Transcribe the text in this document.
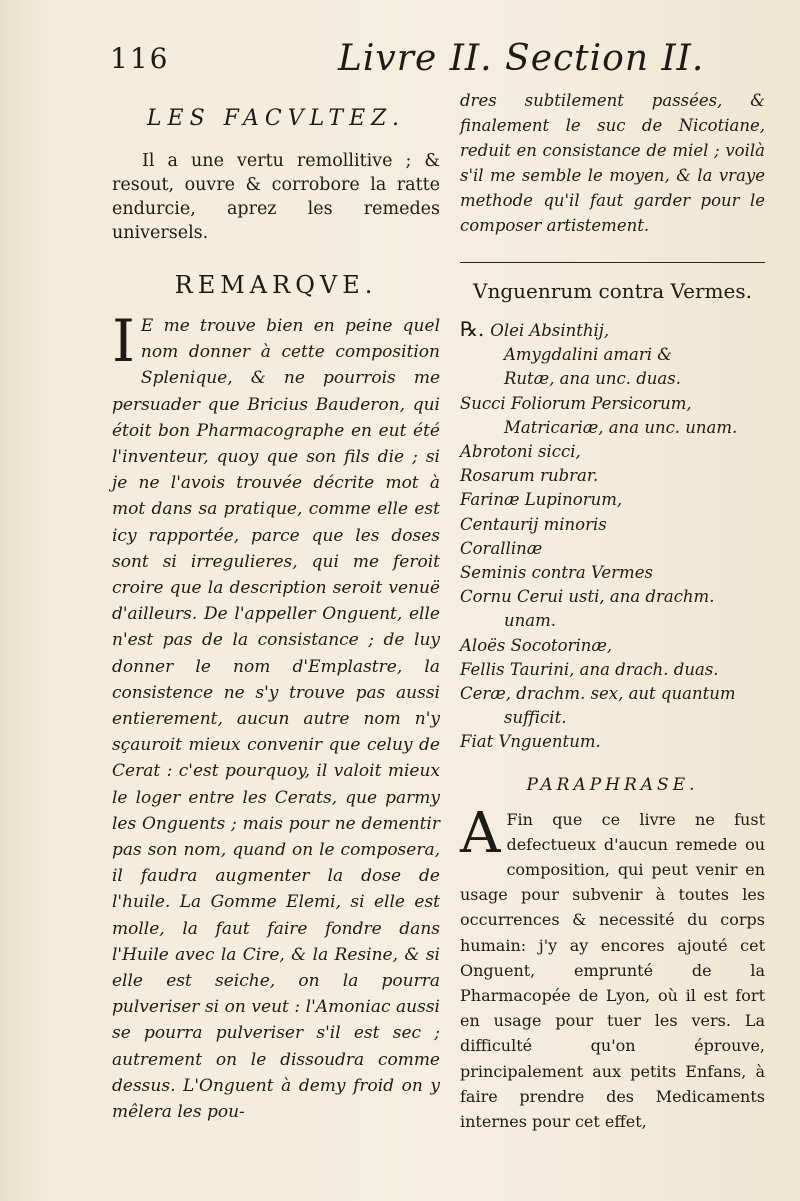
116	Livre II. Section II.
LES FACVLTEZ.

Il a une vertu remollitive ; & resout, ouvre & corrobore la ratte endurcie, aprez les remedes universels.

REMARQVE.

I E me trouve bien en peine quel nom donner à cette composition Splenique, & ne pourrois me persuader que Bricius Bauderon, qui étoit bon Pharmacographe en eut été l'inventeur, quoy que son fils die ; si je ne l'avois trouvée décrite mot à mot dans sa pratique, comme elle est icy rapportée, parce que les doses sont si irregulieres, qui me feroit croire que la description seroit venuë d'ailleurs. De l'appeller Onguent, elle n'est pas de la consistance ; de luy donner le nom d'Emplastre, la consistence ne s'y trouve pas aussi entierement, aucun autre nom n'y sçauroit mieux convenir que celuy de Cerat : c'est pourquoy, il valoit mieux le loger entre les Cerats, que parmy les Onguents ; mais pour ne dementir pas son nom, quand on le composera, il faudra augmenter la dose de l'huile. La Gomme Elemi, si elle est molle, la faut faire fondre dans l'Huile avec la Cire, & la Resine, & si elle est seiche, on la pourra pulveriser si on veut : l'Amoniac aussi se pourra pulveriser s'il est sec ; autrement on le dissoudra comme dessus. L'Onguent à demy froid on y mêlera les pou-

dres subtilement passées, & finalement le suc de Nicotiane, reduit en consistance de miel ; voilà s'il me semble le moyen, & la vraye methode qu'il faut garder pour le composer artistement.

Vnguenrum contra Vermes.
℞. Olei Absinthij,
Amygdalini amari &
Rutæ, ana unc. duas.
Succi Foliorum Persicorum,
Matricariæ, ana unc. unam.
Abrotoni sicci,
Rosarum rubrar.
Farinæ Lupinorum,
Centaurij minoris
Corallinæ
Seminis contra Vermes
Cornu Cerui usti, ana drachm.
unam.
Aloës Socotorinæ,
Fellis Taurini, ana drach. duas.
Ceræ, drachm. sex, aut quantum
sufficit.
Fiat Vnguentum.
PARAPHRASE.

A Fin que ce livre ne fust defectueux d'aucun remede ou composition, qui peut venir en usage pour subvenir à toutes les occurrences & necessité du corps humain: j'y ay encores ajouté cet Onguent, emprunté de la Pharmacopée de Lyon, où il est fort en usage pour tuer les vers. La difficulté qu'on éprouve, principalement aux petits Enfans, à faire prendre des Medicaments internes pour cet effet,
